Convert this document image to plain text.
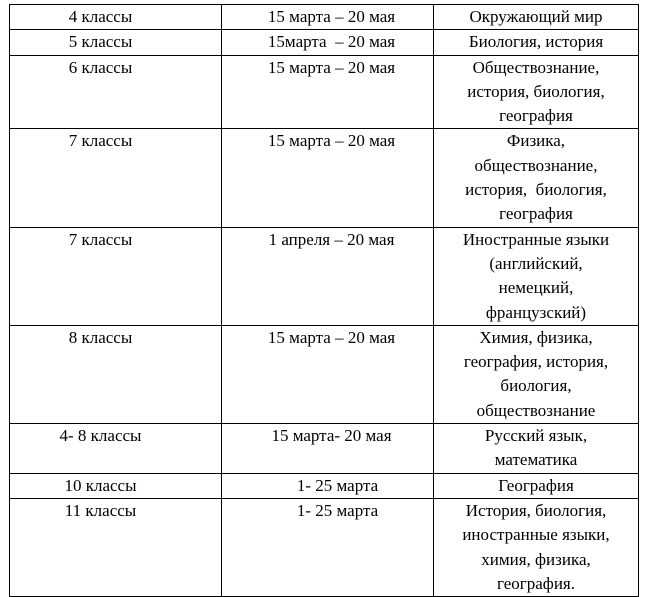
4 классы	15 марта – 20 мая	Окружающий мир

5 классы	15марта  – 20 мая	Биология, история

6 классы	15 марта – 20 мая	Обществознание,
история, биология,
география

7 классы	15 марта – 20 мая	Физика,
обществознание,
история,  биология,
география

7 классы	1 апреля – 20 мая	Иностранные языки
(английский,
немецкий,
французский)

8 классы	15 марта – 20 мая	Химия, физика,
география, история,
биология,
обществознание

4- 8 классы	15 марта- 20 мая	Русский язык,
математика

10 классы	1- 25 марта	География

11 классы	1- 25 марта	История, биология,
иностранные языки,
химия, физика,
география.
